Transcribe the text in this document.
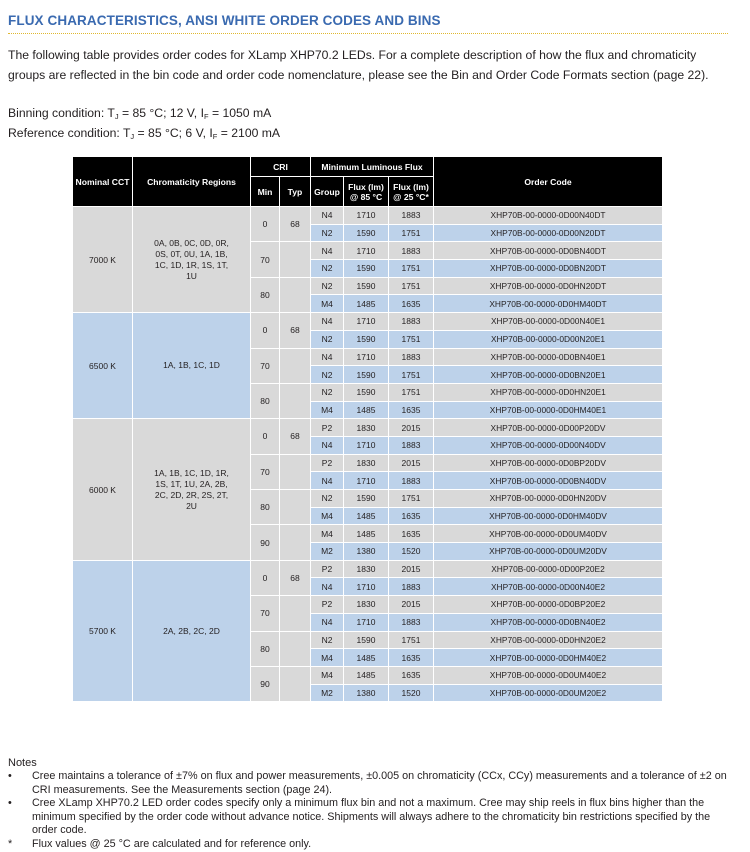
FLUX CHARACTERISTICS, ANSI WHITE ORDER CODES AND BINS
The following table provides order codes for XLamp XHP70.2 LEDs. For a complete description of how the flux and chromaticity groups are reflected in the bin code and order code nomenclature, please see the Bin and Order Code Formats section (page 22).
Binning condition: $T_J = 85$ °C; 12 V, $I_F = 1050$ mA
Reference condition: $T_J = 85$ °C; 6 V, $I_F = 2100$ mA
Nominal CCT	Chromaticity Regions	CRI		Minimum Luminous Flux			Order Code
		Min	Typ	Group	Flux (lm) @ 85 °C	Flux (lm) @ 25 °C*	
7000 K	0A, 0B, 0C, 0D, 0R, 0S, 0T, 0U, 1A, 1B, 1C, 1D, 1R, 1S, 1T, 1U	0	68	N4	1710	1883	XHP70B-00-0000-0D00N40DT
				N2	1590	1751	XHP70B-00-0000-0D00N20DT
		70		N4	1710	1883	XHP70B-00-0000-0D0BN40DT
				N2	1590	1751	XHP70B-00-0000-0D0BN20DT
		80		N2	1590	1751	XHP70B-00-0000-0D0HN20DT
				M4	1485	1635	XHP70B-00-0000-0D0HM40DT
6500 K	1A, 1B, 1C, 1D	0	68	N4	1710	1883	XHP70B-00-0000-0D00N40E1
				N2	1590	1751	XHP70B-00-0000-0D00N20E1
		70		N4	1710	1883	XHP70B-00-0000-0D0BN40E1
				N2	1590	1751	XHP70B-00-0000-0D0BN20E1
		80		N2	1590	1751	XHP70B-00-0000-0D0HN20E1
				M4	1485	1635	XHP70B-00-0000-0D0HM40E1
6000 K	1A, 1B, 1C, 1D, 1R, 1S, 1T, 1U, 2A, 2B, 2C, 2D, 2R, 2S, 2T, 2U	0	68	P2	1830	2015	XHP70B-00-0000-0D00P20DV
				N4	1710	1883	XHP70B-00-0000-0D00N40DV
		70		P2	1830	2015	XHP70B-00-0000-0D0BP20DV
				N4	1710	1883	XHP70B-00-0000-0D0BN40DV
		80		N2	1590	1751	XHP70B-00-0000-0D0HN20DV
				M4	1485	1635	XHP70B-00-0000-0D0HM40DV
		90		M4	1485	1635	XHP70B-00-0000-0D0UM40DV
				M2	1380	1520	XHP70B-00-0000-0D0UM20DV
5700 K	2A, 2B, 2C, 2D	0	68	P2	1830	2015	XHP70B-00-0000-0D00P20E2
				N4	1710	1883	XHP70B-00-0000-0D00N40E2
		70		P2	1830	2015	XHP70B-00-0000-0D0BP20E2
				N4	1710	1883	XHP70B-00-0000-0D0BN40E2
		80		N2	1590	1751	XHP70B-00-0000-0D0HN20E2
				M4	1485	1635	XHP70B-00-0000-0D0HM40E2
		90		M4	1485	1635	XHP70B-00-0000-0D0UM40E2
				M2	1380	1520	XHP70B-00-0000-0D0UM20E2
Notes
•	Cree maintains a tolerance of ±7% on flux and power measurements, ±0.005 on chromaticity (CCx, CCy) measurements and a tolerance of ±2 on CRI measurements. See the Measurements section (page 24).
•	Cree XLamp XHP70.2 LED order codes specify only a minimum flux bin and not a maximum. Cree may ship reels in flux bins higher than the minimum specified by the order code without advance notice. Shipments will always adhere to the chromaticity bin restrictions specified by the order code.
*	Flux values @ 25 °C are calculated and for reference only.
